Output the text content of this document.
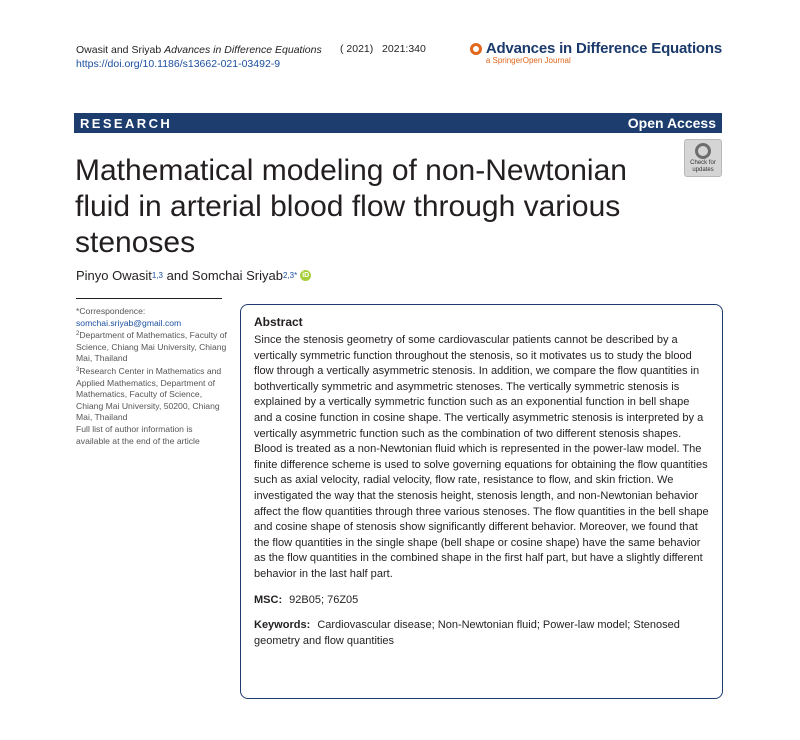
Owasit and Sriyab Advances in Difference Equations
https://doi.org/10.1186/s13662-021-03492-9
( 2021) 2021:340	Advances in Difference Equations
a SpringerOpen Journal
RESEARCH	Open Access
Mathematical modeling of non-Newtonian fluid in arterial blood flow through various stenoses
Check for
updates
Pinyo Owasit 1,3 and Somchai Sriyab 2,3* iD
*Correspondence:
somchai.sriyab@gmail.com
$^2$Department of Mathematics, Faculty of Science, Chiang Mai University, Chiang Mai, Thailand
$^3$Research Center in Mathematics and Applied Mathematics, Department of Mathematics, Faculty of Science, Chiang Mai University, 50200, Chiang Mai, Thailand
Full list of author information is available at the end of the article
Abstract

Since the stenosis geometry of some cardiovascular patients cannot be described by a vertically symmetric function throughout the stenosis, so it motivates us to study the blood flow through a vertically asymmetric stenosis. In addition, we compare the flow quantities in bothvertically symmetric and asymmetric stenoses. The vertically symmetric stenosis is explained by a vertically symmetric function such as an exponential function in bell shape and a cosine function in cosine shape. The vertically asymmetric stenosis is interpreted by a vertically asymmetric function such as the combination of two different stenosis shapes. Blood is treated as a non-Newtonian fluid which is represented in the power-law model. The finite difference scheme is used to solve governing equations for obtaining the flow quantities such as axial velocity, radial velocity, flow rate, resistance to flow, and skin friction. We investigated the way that the stenosis height, stenosis length, and non-Newtonian behavior affect the flow quantities through three various stenoses. The flow quantities in the bell shape and cosine shape of stenosis show significantly different behavior. Moreover, we found that the flow quantities in the single shape (bell shape or cosine shape) have the same behavior as the flow quantities in the combined shape in the first half part, but have a slightly different behavior in the last half part.

MSC: 92B05; 76Z05
Keywords: Cardiovascular disease; Non-Newtonian fluid; Power-law model; Stenosed geometry and flow quantities
